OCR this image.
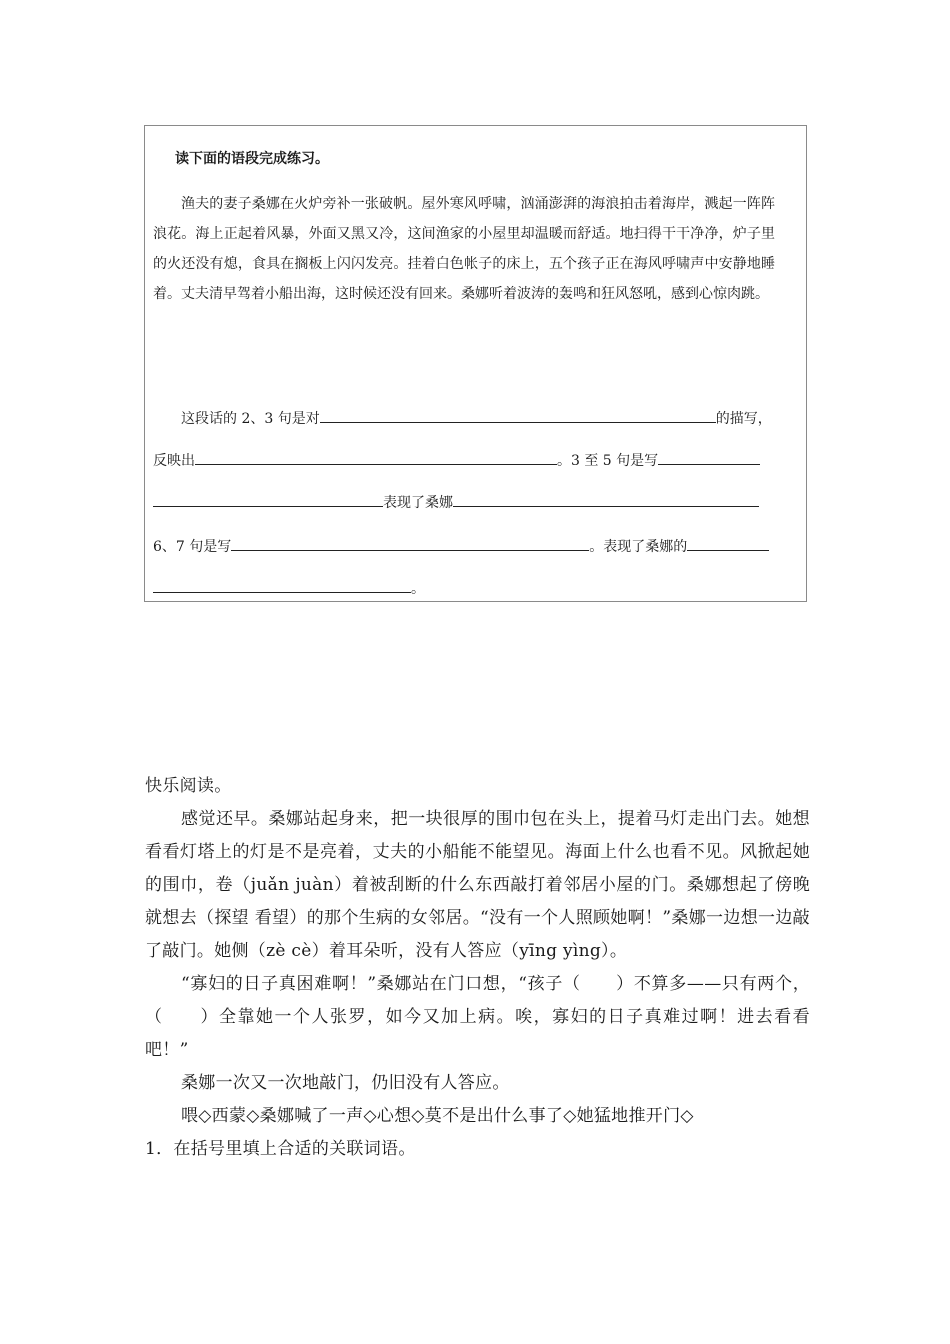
读下面的语段完成练习。
渔夫的妻子桑娜在火炉旁补一张破帆。屋外寒风呼啸，汹涌澎湃的海浪拍击着海岸，溅起一阵阵浪花。海上正起着风暴，外面又黑又冷，这间渔家的小屋里却温暖而舒适。地扫得干干净净，炉子里的火还没有熄，食具在搁板上闪闪发亮。挂着白色帐子的床上，五个孩子正在海风呼啸声中安静地睡着。丈夫清早驾着小船出海，这时候还没有回来。桑娜听着波涛的轰鸣和狂风怒吼，感到心惊肉跳。
这段话的 2、3 句是对	的描写，
反映出	。3 至 5 句是写
表现了桑娜
6、7 句是写	。表现了桑娜的
。

快乐阅读。

感觉还早。桑娜站起身来，把一块很厚的围巾包在头上，提着马灯走出门去。她想看看灯塔上的灯是不是亮着，丈夫的小船能不能望见。海面上什么也看不见。风掀起她的围巾，卷（juǎn juàn）着被刮断的什么东西敲打着邻居小屋的门。桑娜想起了傍晚就想去（探望 看望）的那个生病的女邻居。“没有一个人照顾她啊！”桑娜一边想一边敲了敲门。她侧（zè cè）着耳朵听，没有人答应（yīng yìng）。

“寡妇的日子真困难啊！”桑娜站在门口想，“孩子（　　）不算多——只有两个，（　　）全靠她一个人张罗，如今又加上病。唉，寡妇的日子真难过啊！进去看看吧！”

桑娜一次又一次地敲门，仍旧没有人答应。

喂◇西蒙◇桑娜喊了一声◇心想◇莫不是出什么事了◇她猛地推开门◇

1．在括号里填上合适的关联词语。
